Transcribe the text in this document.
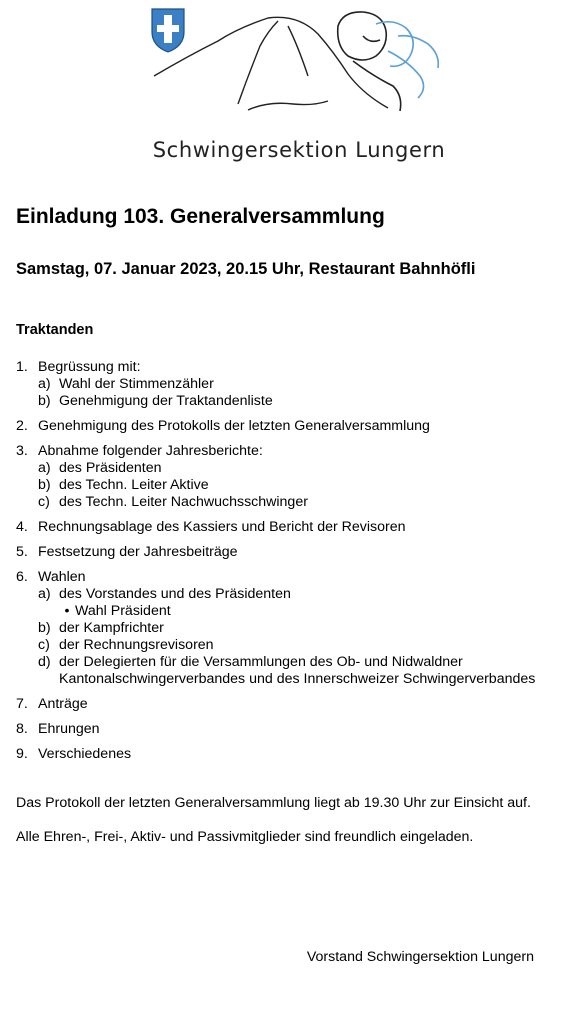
Schwingersektion Lungern
Einladung 103. Generalversammlung
Samstag, 07. Januar 2023, 20.15 Uhr, Restaurant Bahnhöfli
Traktanden
1. Begrüssung mit:
a) Wahl der Stimmenzähler
b) Genehmigung der Traktandenliste
2. Genehmigung des Protokolls der letzten Generalversammlung
3. Abnahme folgender Jahresberichte:
a) des Präsidenten
b) des Techn. Leiter Aktive
c) des Techn. Leiter Nachwuchsschwinger
4. Rechnungsablage des Kassiers und Bericht der Revisoren
5. Festsetzung der Jahresbeiträge
6. Wahlen
a) des Vorstandes und des Präsidenten
• Wahl Präsident
b) der Kampfrichter
c) der Rechnungsrevisoren
d) der Delegierten für die Versammlungen des Ob- und Nidwaldner Kantonalschwingerverbandes und des Innerschweizer Schwingerverbandes
7. Anträge
8. Ehrungen
9. Verschiedenes

Das Protokoll der letzten Generalversammlung liegt ab 19.30 Uhr zur Einsicht auf.

Alle Ehren-, Frei-, Aktiv- und Passivmitglieder sind freundlich eingeladen.

Vorstand Schwingersektion Lungern
